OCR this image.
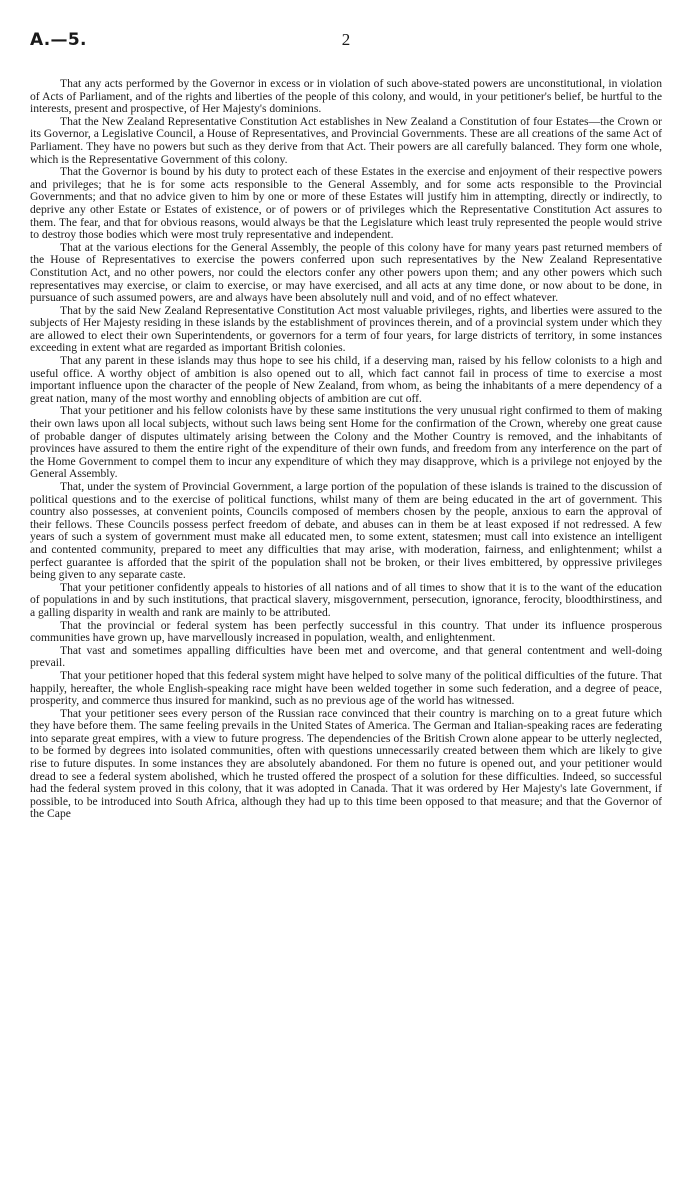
A.—5.	2

That any acts performed by the Governor in excess or in violation of such above-stated powers are unconstitutional, in violation of Acts of Parliament, and of the rights and liberties of the people of this colony, and would, in your petitioner's belief, be hurtful to the interests, present and prospective, of Her Majesty's dominions.

That the New Zealand Representative Constitution Act establishes in New Zealand a Constitution of four Estates—the Crown or its Governor, a Legislative Council, a House of Representatives, and Provincial Governments. These are all creations of the same Act of Parliament. They have no powers but such as they derive from that Act. Their powers are all carefully balanced. They form one whole, which is the Representative Government of this colony.

That the Governor is bound by his duty to protect each of these Estates in the exercise and enjoyment of their respective powers and privileges; that he is for some acts responsible to the General Assembly, and for some acts responsible to the Provincial Governments; and that no advice given to him by one or more of these Estates will justify him in attempting, directly or indirectly, to deprive any other Estate or Estates of existence, or of powers or of privileges which the Representative Constitution Act assures to them. The fear, and that for obvious reasons, would always be that the Legislature which least truly represented the people would strive to destroy those bodies which were most truly representative and independent.

That at the various elections for the General Assembly, the people of this colony have for many years past returned members of the House of Representatives to exercise the powers conferred upon such representatives by the New Zealand Representative Constitution Act, and no other powers, nor could the electors confer any other powers upon them; and any other powers which such representatives may exercise, or claim to exercise, or may have exercised, and all acts at any time done, or now about to be done, in pursuance of such assumed powers, are and always have been absolutely null and void, and of no effect whatever.

That by the said New Zealand Representative Constitution Act most valuable privileges, rights, and liberties were assured to the subjects of Her Majesty residing in these islands by the establishment of provinces therein, and of a provincial system under which they are allowed to elect their own Superintendents, or governors for a term of four years, for large districts of territory, in some instances exceeding in extent what are regarded as important British colonies.

That any parent in these islands may thus hope to see his child, if a deserving man, raised by his fellow colonists to a high and useful office. A worthy object of ambition is also opened out to all, which fact cannot fail in process of time to exercise a most important influence upon the character of the people of New Zealand, from whom, as being the inhabitants of a mere dependency of a great nation, many of the most worthy and ennobling objects of ambition are cut off.

That your petitioner and his fellow colonists have by these same institutions the very unusual right confirmed to them of making their own laws upon all local subjects, without such laws being sent Home for the confirmation of the Crown, whereby one great cause of probable danger of disputes ultimately arising between the Colony and the Mother Country is removed, and the inhabitants of provinces have assured to them the entire right of the expenditure of their own funds, and freedom from any interference on the part of the Home Government to compel them to incur any expenditure of which they may disapprove, which is a privilege not enjoyed by the General Assembly.

That, under the system of Provincial Government, a large portion of the population of these islands is trained to the discussion of political questions and to the exercise of political functions, whilst many of them are being educated in the art of government. This country also possesses, at convenient points, Councils composed of members chosen by the people, anxious to earn the approval of their fellows. These Councils possess perfect freedom of debate, and abuses can in them be at least exposed if not redressed. A few years of such a system of government must make all educated men, to some extent, statesmen; must call into existence an intelligent and contented community, prepared to meet any difficulties that may arise, with moderation, fairness, and enlightenment; whilst a perfect guarantee is afforded that the spirit of the population shall not be broken, or their lives embittered, by oppressive privileges being given to any separate caste.

That your petitioner confidently appeals to histories of all nations and of all times to show that it is to the want of the education of populations in and by such institutions, that practical slavery, misgovernment, persecution, ignorance, ferocity, bloodthirstiness, and a galling disparity in wealth and rank are mainly to be attributed.

That the provincial or federal system has been perfectly successful in this country. That under its influence prosperous communities have grown up, have marvellously increased in population, wealth, and enlightenment.

That vast and sometimes appalling difficulties have been met and overcome, and that general contentment and well-doing prevail.

That your petitioner hoped that this federal system might have helped to solve many of the political difficulties of the future. That happily, hereafter, the whole English-speaking race might have been welded together in some such federation, and a degree of peace, prosperity, and commerce thus insured for mankind, such as no previous age of the world has witnessed.

That your petitioner sees every person of the Russian race convinced that their country is marching on to a great future which they have before them. The same feeling prevails in the United States of America. The German and Italian-speaking races are federating into separate great empires, with a view to future progress. The dependencies of the British Crown alone appear to be utterly neglected, to be formed by degrees into isolated communities, often with questions unnecessarily created between them which are likely to give rise to future disputes. In some instances they are absolutely abandoned. For them no future is opened out, and your petitioner would dread to see a federal system abolished, which he trusted offered the prospect of a solution for these difficulties. Indeed, so successful had the federal system proved in this colony, that it was adopted in Canada. That it was ordered by Her Majesty's late Government, if possible, to be introduced into South Africa, although they had up to this time been opposed to that measure; and that the Governor of the Cape
